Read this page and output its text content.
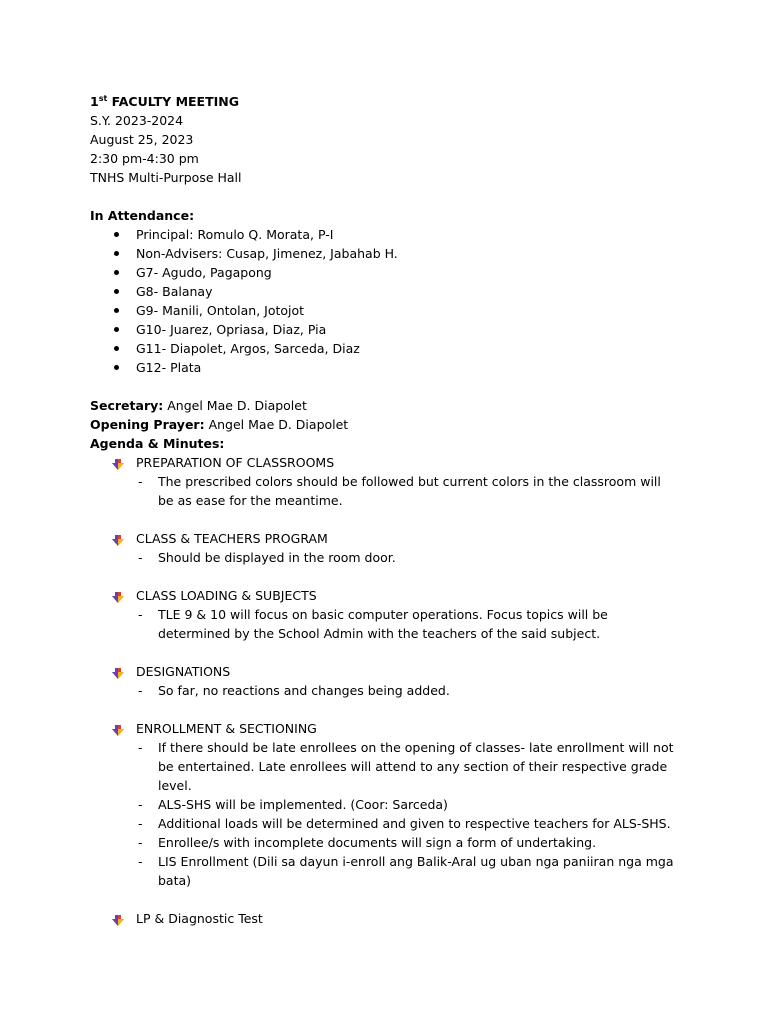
1st FACULTY MEETING
S.Y. 2023-2024
August 25, 2023
2:30 pm-4:30 pm
TNHS Multi-Purpose Hall
In Attendance:
Principal: Romulo Q. Morata, P-I
Non-Advisers: Cusap, Jimenez, Jabahab H.
G7- Agudo, Pagapong
G8- Balanay
G9- Manili, Ontolan, Jotojot
G10- Juarez, Opriasa, Diaz, Pia
G11- Diapolet, Argos, Sarceda, Diaz
G12- Plata
Secretary: Angel Mae D. Diapolet
Opening Prayer: Angel Mae D. Diapolet
Agenda & Minutes:
PREPARATION OF CLASSROOMS
- The prescribed colors should be followed but current colors in the classroom will be as ease for the meantime.
CLASS & TEACHERS PROGRAM
- Should be displayed in the room door.
CLASS LOADING & SUBJECTS
- TLE 9 & 10 will focus on basic computer operations. Focus topics will be determined by the School Admin with the teachers of the said subject.
DESIGNATIONS
- So far, no reactions and changes being added.
ENROLLMENT & SECTIONING
- If there should be late enrollees on the opening of classes- late enrollment will not be entertained. Late enrollees will attend to any section of their respective grade level.
- ALS-SHS will be implemented. (Coor: Sarceda)
- Additional loads will be determined and given to respective teachers for ALS-SHS.
- Enrollee/s with incomplete documents will sign a form of undertaking.
- LIS Enrollment (Dili sa dayun i-enroll ang Balik-Aral ug uban nga paniiran nga mga bata)
LP & Diagnostic Test
